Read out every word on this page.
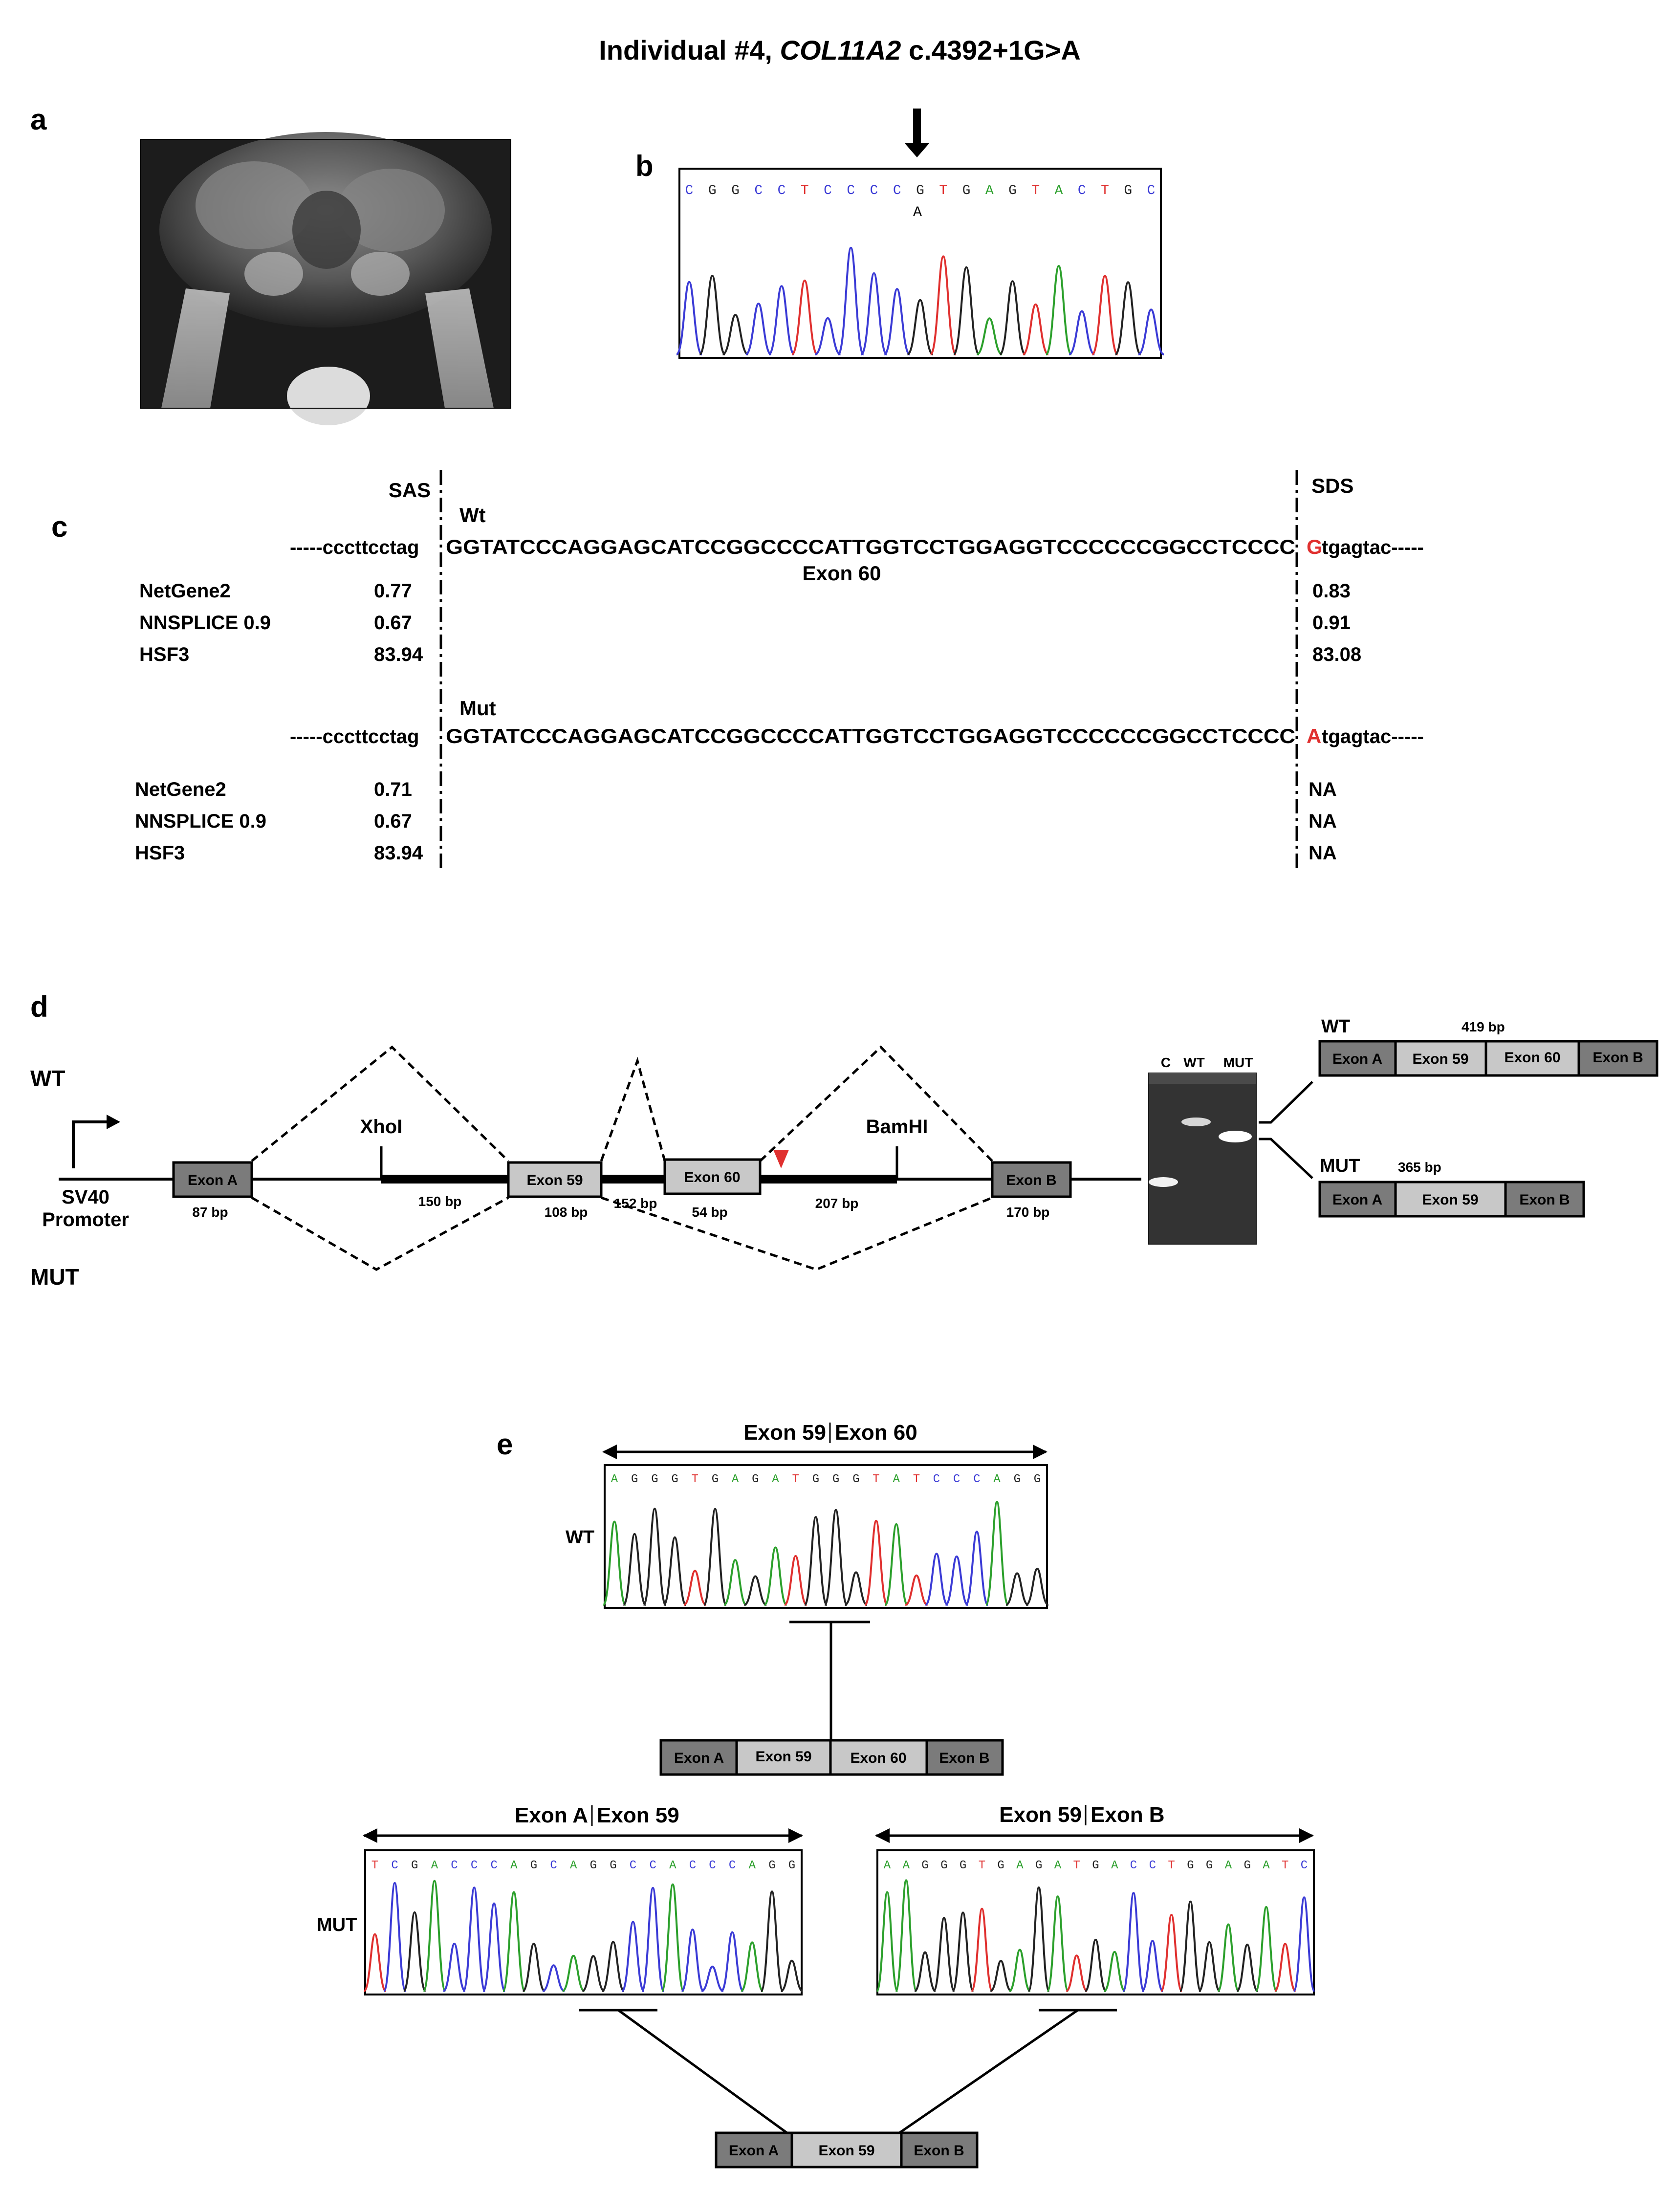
Individual #4, COL11A2 c.4392+1G>A
a
b
C G G C C T C C C C G T G A G T A C T G C
A
c
SAS	SDS
Wt
-----cccttcctag GGTATCCCAGGAGCATCCGGCCCCATTGGTCCTGGAGGTCCCCCCGGCCTCCCC G
tgagtac-----
Exon 60
NetGene2	0.77	0.83
NNSPLICE 0.9	0.67	0.91
HSF3	83.94	83.08
Mut
-----cccttcctag GGTATCCCAGGAGCATCCGGCCCCATTGGTCCTGGAGGTCCCCCCGGCCTCCCC A tgagtac-----
NetGene2	0.71	NA
NNSPLICE 0.9	0.67	NA
HSF3	83.94	NA
d
WT
MUT
SV40
Promoter
XhoI	BamHI
Exon A	Exon 59	Exon 60	Exon B
87 bp
150 bp
108 bp
152 bp
54 bp
207 bp
170 bp
C WT MUT
WT	419 bp
Exon A Exon 59 Exon 60 Exon B
MUT	365 bp
Exon A	Exon 59	Exon B
e	Exon 59 Exon 60
WT
A G G G T G A G A T G G G T A T C C C A G G
Exon A Exon 59	Exon 60 Exon B
Exon A Exon 59	Exon 59 Exon B
MUT
T C G A C C C A G C A G G C C A C C C A G G	A A G G G T G A G A T G A C C T G G A G A T C
Exon A	Exon 59	Exon B
